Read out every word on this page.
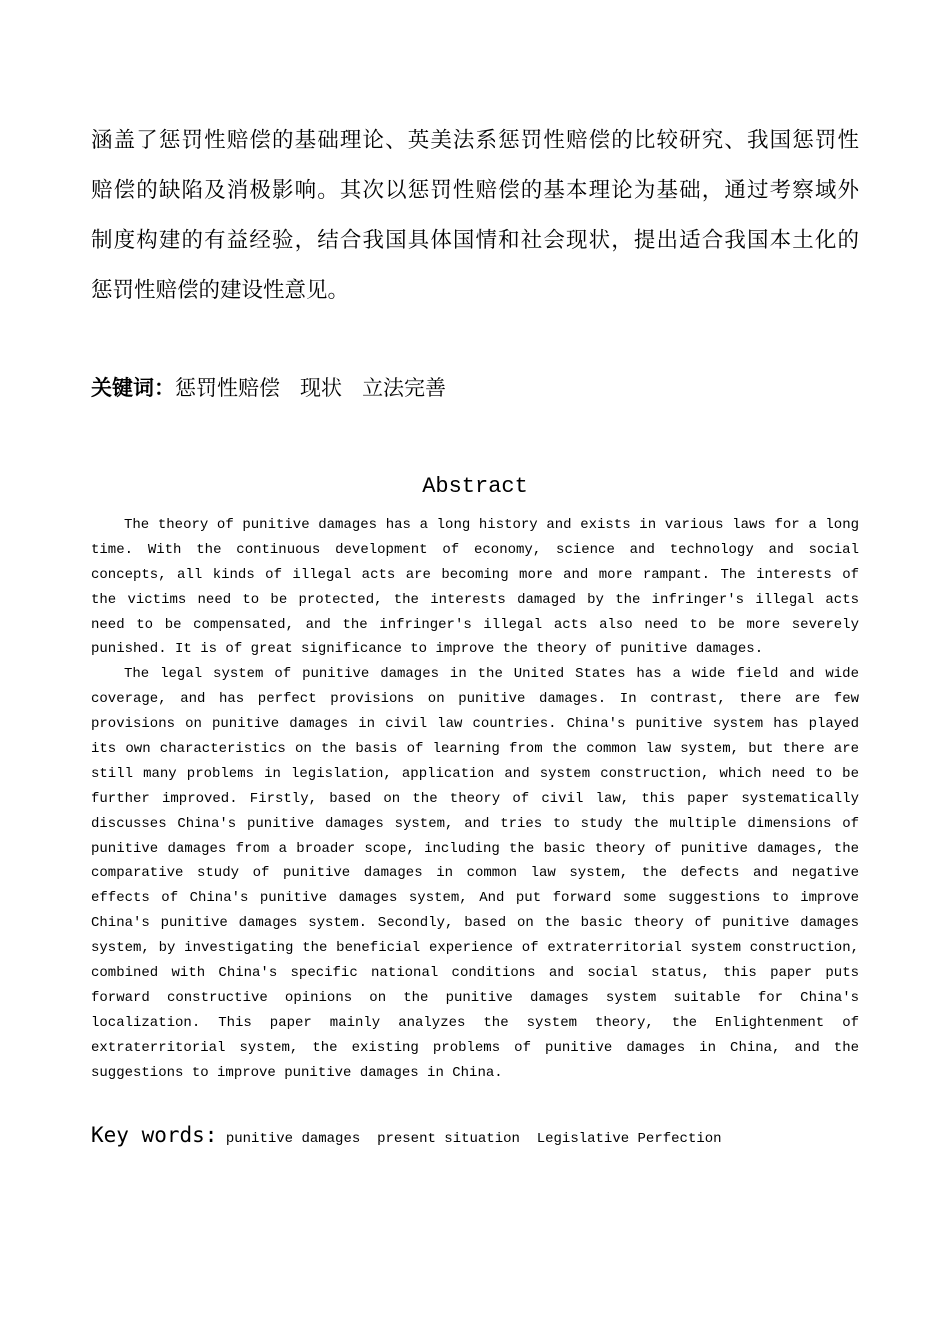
涵盖了惩罚性赔偿的基础理论、英美法系惩罚性赔偿的比较研究、我国惩罚性
赔偿的缺陷及消极影响。其次以惩罚性赔偿的基本理论为基础，通过考察域外
制度构建的有益经验，结合我国具体国情和社会现状，提出适合我国本土化的
惩罚性赔偿的建设性意见。
关键词：惩罚性赔偿 现状 立法完善
Abstract
The theory of punitive damages has a long history and exists in various laws for a long
time. With the continuous development of economy, science and technology and social
concepts, all kinds of illegal acts are becoming more and more rampant. The interests of
the victims need to be protected, the interests damaged by the infringer's illegal acts
need to be compensated, and the infringer's illegal acts also need to be more severely
punished. It is of great significance to improve the theory of punitive damages.
The legal system of punitive damages in the United States has a wide field and wide
coverage, and has perfect provisions on punitive damages. In contrast, there are few
provisions on punitive damages in civil law countries. China's punitive system has played
its own characteristics on the basis of learning from the common law system, but there are
still many problems in legislation, application and system construction, which need to be
further improved. Firstly, based on the theory of civil law, this paper systematically
discusses China's punitive damages system, and tries to study the multiple dimensions of
punitive damages from a broader scope, including the basic theory of punitive damages, the
comparative study of punitive damages in common law system, the defects and negative
effects of China's punitive damages system, And put forward some suggestions to improve
China's punitive damages system. Secondly, based on the basic theory of punitive damages
system, by investigating the beneficial experience of extraterritorial system construction,
combined with China's specific national conditions and social status, this paper puts
forward constructive opinions on the punitive damages system suitable for China's
localization. This paper mainly analyzes the system theory, the Enlightenment of
extraterritorial system, the existing problems of punitive damages in China, and the
suggestions to improve punitive damages in China.
Key words: punitive damages present situation Legislative Perfection
